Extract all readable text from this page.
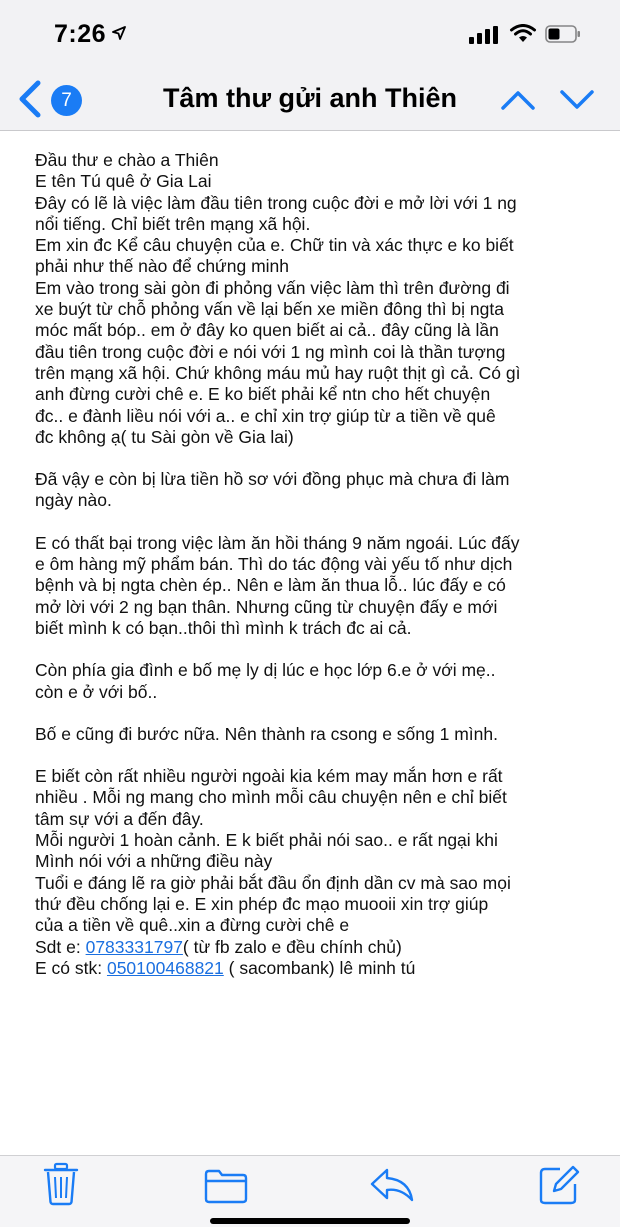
7:26
7	Tâm thư gửi anh Thiên

Đầu thư e chào a Thiên

E tên Tú quê ở Gia Lai

Đây có lẽ là việc làm đầu tiên trong cuộc đời e mở lời với 1 ng

nổi tiếng. Chỉ biết trên mạng xã hội.

Em xin đc Kể câu chuyện của e. Chữ tin và xác thực e ko biết

phải như thế nào để chứng minh

Em vào trong sài gòn đi phỏng vấn việc làm thì trên đường đi

xe buýt từ chỗ phỏng vấn về lại bến xe miền đông thì bị ngta

móc mất bóp.. em ở đây ko quen biết ai cả.. đây cũng là lần

đầu tiên trong cuộc đời e nói với 1 ng mình coi là thần tượng

trên mạng xã hội. Chứ không máu mủ hay ruột thịt gì cả. Có gì

anh đừng cười chê e. E ko biết phải kể ntn cho hết chuyện

đc.. e đành liều nói với a.. e chỉ xin trợ giúp từ a tiền về quê

đc không ạ( tu Sài gòn về Gia lai)

Đã vậy e còn bị lừa tiền hồ sơ với đồng phục mà chưa đi làm

ngày nào.

E có thất bại trong việc làm ăn hồi tháng 9 năm ngoái. Lúc đấy

e ôm hàng mỹ phẩm bán. Thì do tác động vài yếu tố như dịch

bệnh và bị ngta chèn ép.. Nên e làm ăn thua lỗ.. lúc đấy e có

mở lời với 2 ng bạn thân. Nhưng cũng từ chuyện đấy e mới

biết mình k có bạn..thôi thì mình k trách đc ai cả.

Còn phía gia đình e bố mẹ ly dị lúc e học lớp 6.e ở với mẹ..

còn e ở với bố..

Bố e cũng đi bước nữa. Nên thành ra csong e sống 1 mình.

E biết còn rất nhiều người ngoài kia kém may mắn hơn e rất

nhiều . Mỗi ng mang cho mình mỗi câu chuyện nên e chỉ biết

tâm sự với a đến đây.

Mỗi người 1 hoàn cảnh. E k biết phải nói sao.. e rất ngại khi

Mình nói với a những điều này

Tuổi e đáng lẽ ra giờ phải bắt đầu ổn định dần cv mà sao mọi

thứ đều chống lại e. E xin phép đc mạo muooii xin trợ giúp

của a tiền về quê..xin a đừng cười chê e

Sdt e: 0783331797( từ fb zalo e đều chính chủ)

E có stk: 050100468821 ( sacombank) lê minh tú
